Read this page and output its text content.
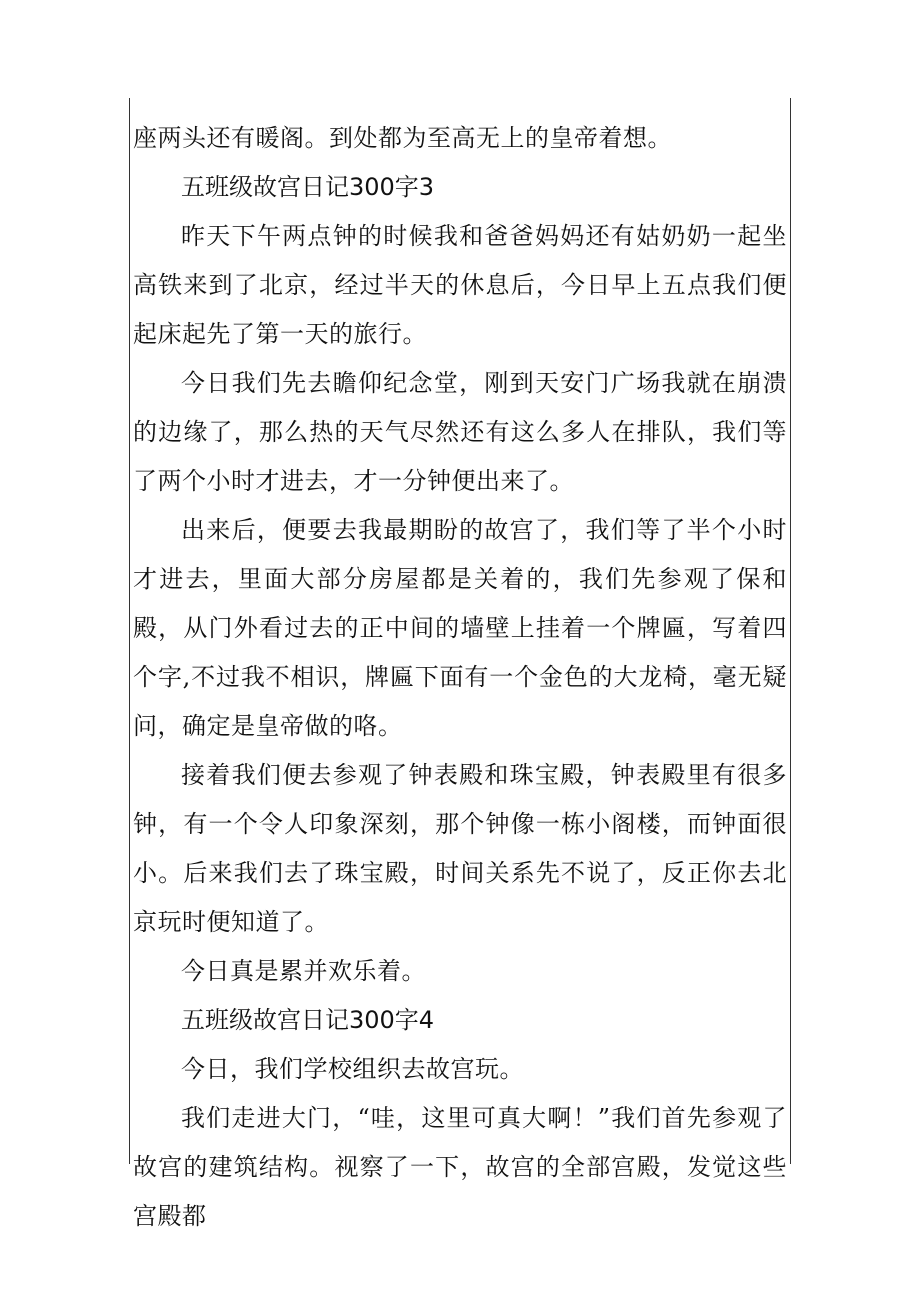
座两头还有暖阁。到处都为至高无上的皇帝着想。

五班级故宫日记300字3

昨天下午两点钟的时候我和爸爸妈妈还有姑奶奶一起坐高铁来到了北京，经过半天的休息后，今日早上五点我们便起床起先了第一天的旅行。

今日我们先去瞻仰纪念堂，刚到天安门广场我就在崩溃的边缘了，那么热的天气尽然还有这么多人在排队，我们等了两个小时才进去，才一分钟便出来了。

出来后，便要去我最期盼的故宫了，我们等了半个小时才进去，里面大部分房屋都是关着的，我们先参观了保和殿，从门外看过去的正中间的墙壁上挂着一个牌匾，写着四个字,不过我不相识，牌匾下面有一个金色的大龙椅，毫无疑问，确定是皇帝做的咯。

接着我们便去参观了钟表殿和珠宝殿，钟表殿里有很多钟，有一个令人印象深刻，那个钟像一栋小阁楼，而钟面很小。后来我们去了珠宝殿，时间关系先不说了，反正你去北京玩时便知道了。

今日真是累并欢乐着。

五班级故宫日记300字4

今日，我们学校组织去故宫玩。

我们走进大门，“哇，这里可真大啊！”我们首先参观了故宫的建筑结构。视察了一下，故宫的全部宫殿，发觉这些宫殿都
